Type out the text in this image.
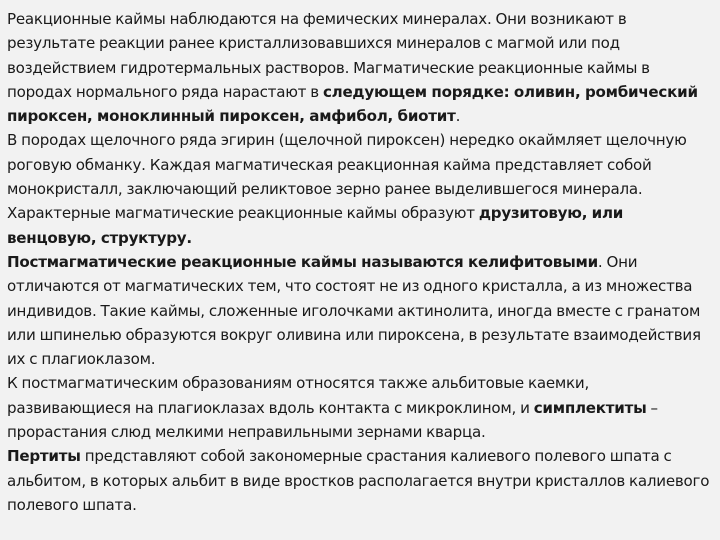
Реакционные каймы наблюдаются на фемических минералах. Они возникают в результате реакции ранее кристаллизовавшихся минералов с магмой или под воздействием гидротермальных растворов. Магматические реакционные каймы в породах нормального ряда нарастают в следующем порядке: оливин, ромбический пироксен, моноклинный пироксен, амфибол, биотит.

В породах щелочного ряда эгирин (щелочной пироксен) нередко окаймляет щелочную роговую обманку. Каждая магматическая реакционная кайма представляет собой монокристалл, заключающий реликтовое зерно ранее выделившегося минерала. Характерные магматические реакционные каймы образуют друзитовую, или венцовую, структуру.

Постмагматические реакционные каймы называются келифитовыми. Они отличаются от магматических тем, что состоят не из одного кристалла, а из множества индивидов. Такие каймы, сложенные иголочками актинолита, иногда вместе с гранатом или шпинелью образуются вокруг оливина или пироксена, в результате взаимодействия их с плагиоклазом.

К постмагматическим образованиям относятся также альбитовые каемки, развивающиеся на плагиоклазах вдоль контакта с микроклином, и симплектиты – прорастания слюд мелкими неправильными зернами кварца.

Пертиты представляют собой закономерные срастания калиевого полевого шпата с альбитом, в которых альбит в виде вростков располагается внутри кристаллов калиевого полевого шпата.
